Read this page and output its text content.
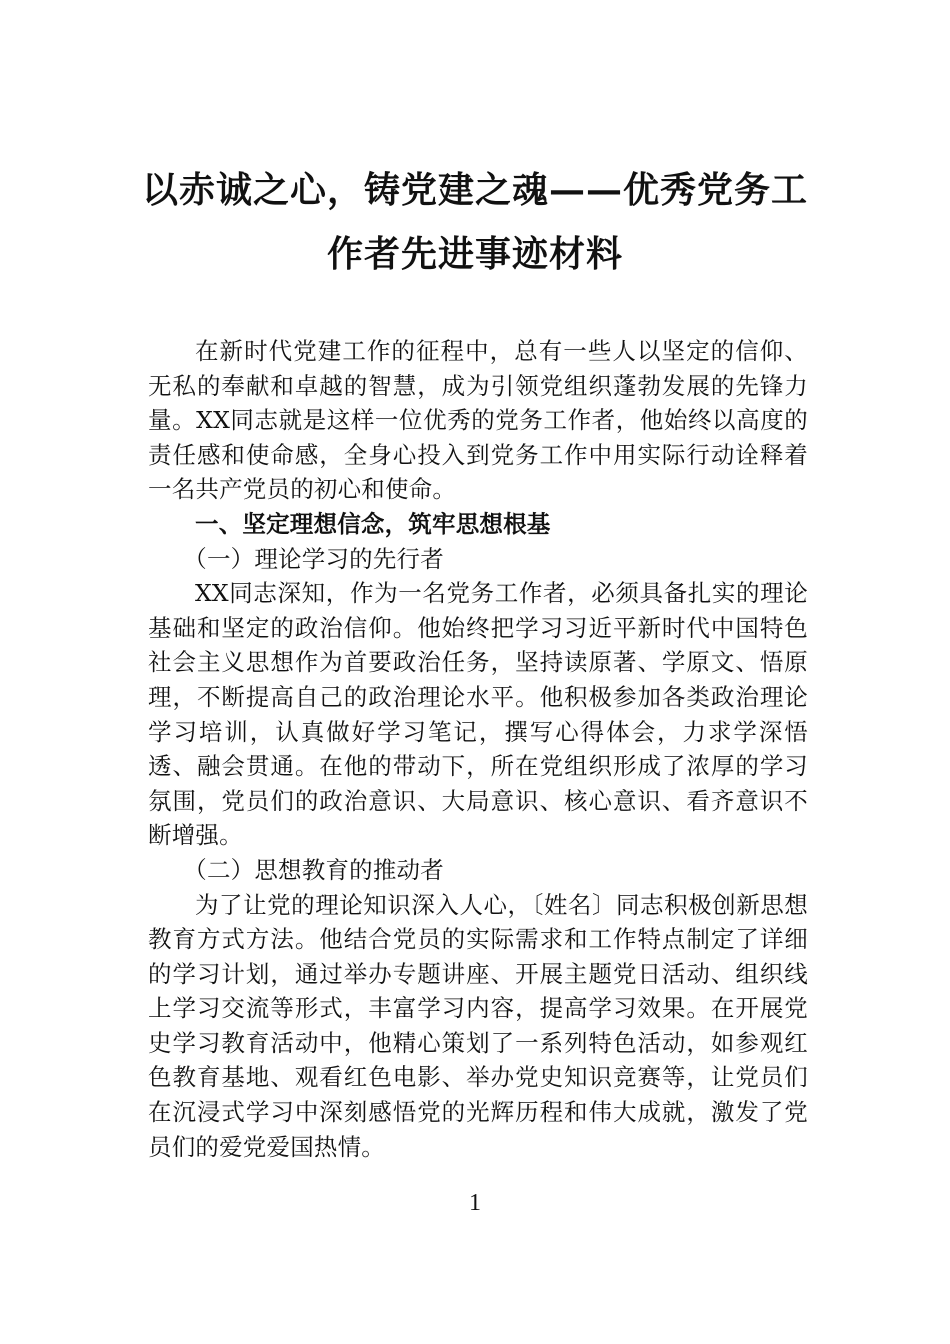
以赤诚之心，铸党建之魂——优秀党务工
作者先进事迹材料

在新时代党建工作的征程中，总有一些人以坚定的信仰、无私的奉献和卓越的智慧，成为引领党组织蓬勃发展的先锋力量。XX同志就是这样一位优秀的党务工作者，他始终以高度的责任感和使命感，全身心投入到党务工作中用实际行动诠释着一名共产党员的初心和使命。

一、坚定理想信念，筑牢思想根基
（一）理论学习的先行者

XX同志深知，作为一名党务工作者，必须具备扎实的理论基础和坚定的政治信仰。他始终把学习习近平新时代中国特色社会主义思想作为首要政治任务，坚持读原著、学原文、悟原理，不断提高自己的政治理论水平。他积极参加各类政治理论学习培训，认真做好学习笔记，撰写心得体会，力求学深悟透、融会贯通。在他的带动下，所在党组织形成了浓厚的学习氛围，党员们的政治意识、大局意识、核心意识、看齐意识不断增强。

（二）思想教育的推动者

为了让党的理论知识深入人心，〔姓名〕同志积极创新思想教育方式方法。他结合党员的实际需求和工作特点制定了详细的学习计划，通过举办专题讲座、开展主题党日活动、组织线上学习交流等形式，丰富学习内容，提高学习效果。在开展党史学习教育活动中，他精心策划了一系列特色活动，如参观红色教育基地、观看红色电影、举办党史知识竞赛等，让党员们在沉浸式学习中深刻感悟党的光辉历程和伟大成就，激发了党员们的爱党爱国热情。

1
